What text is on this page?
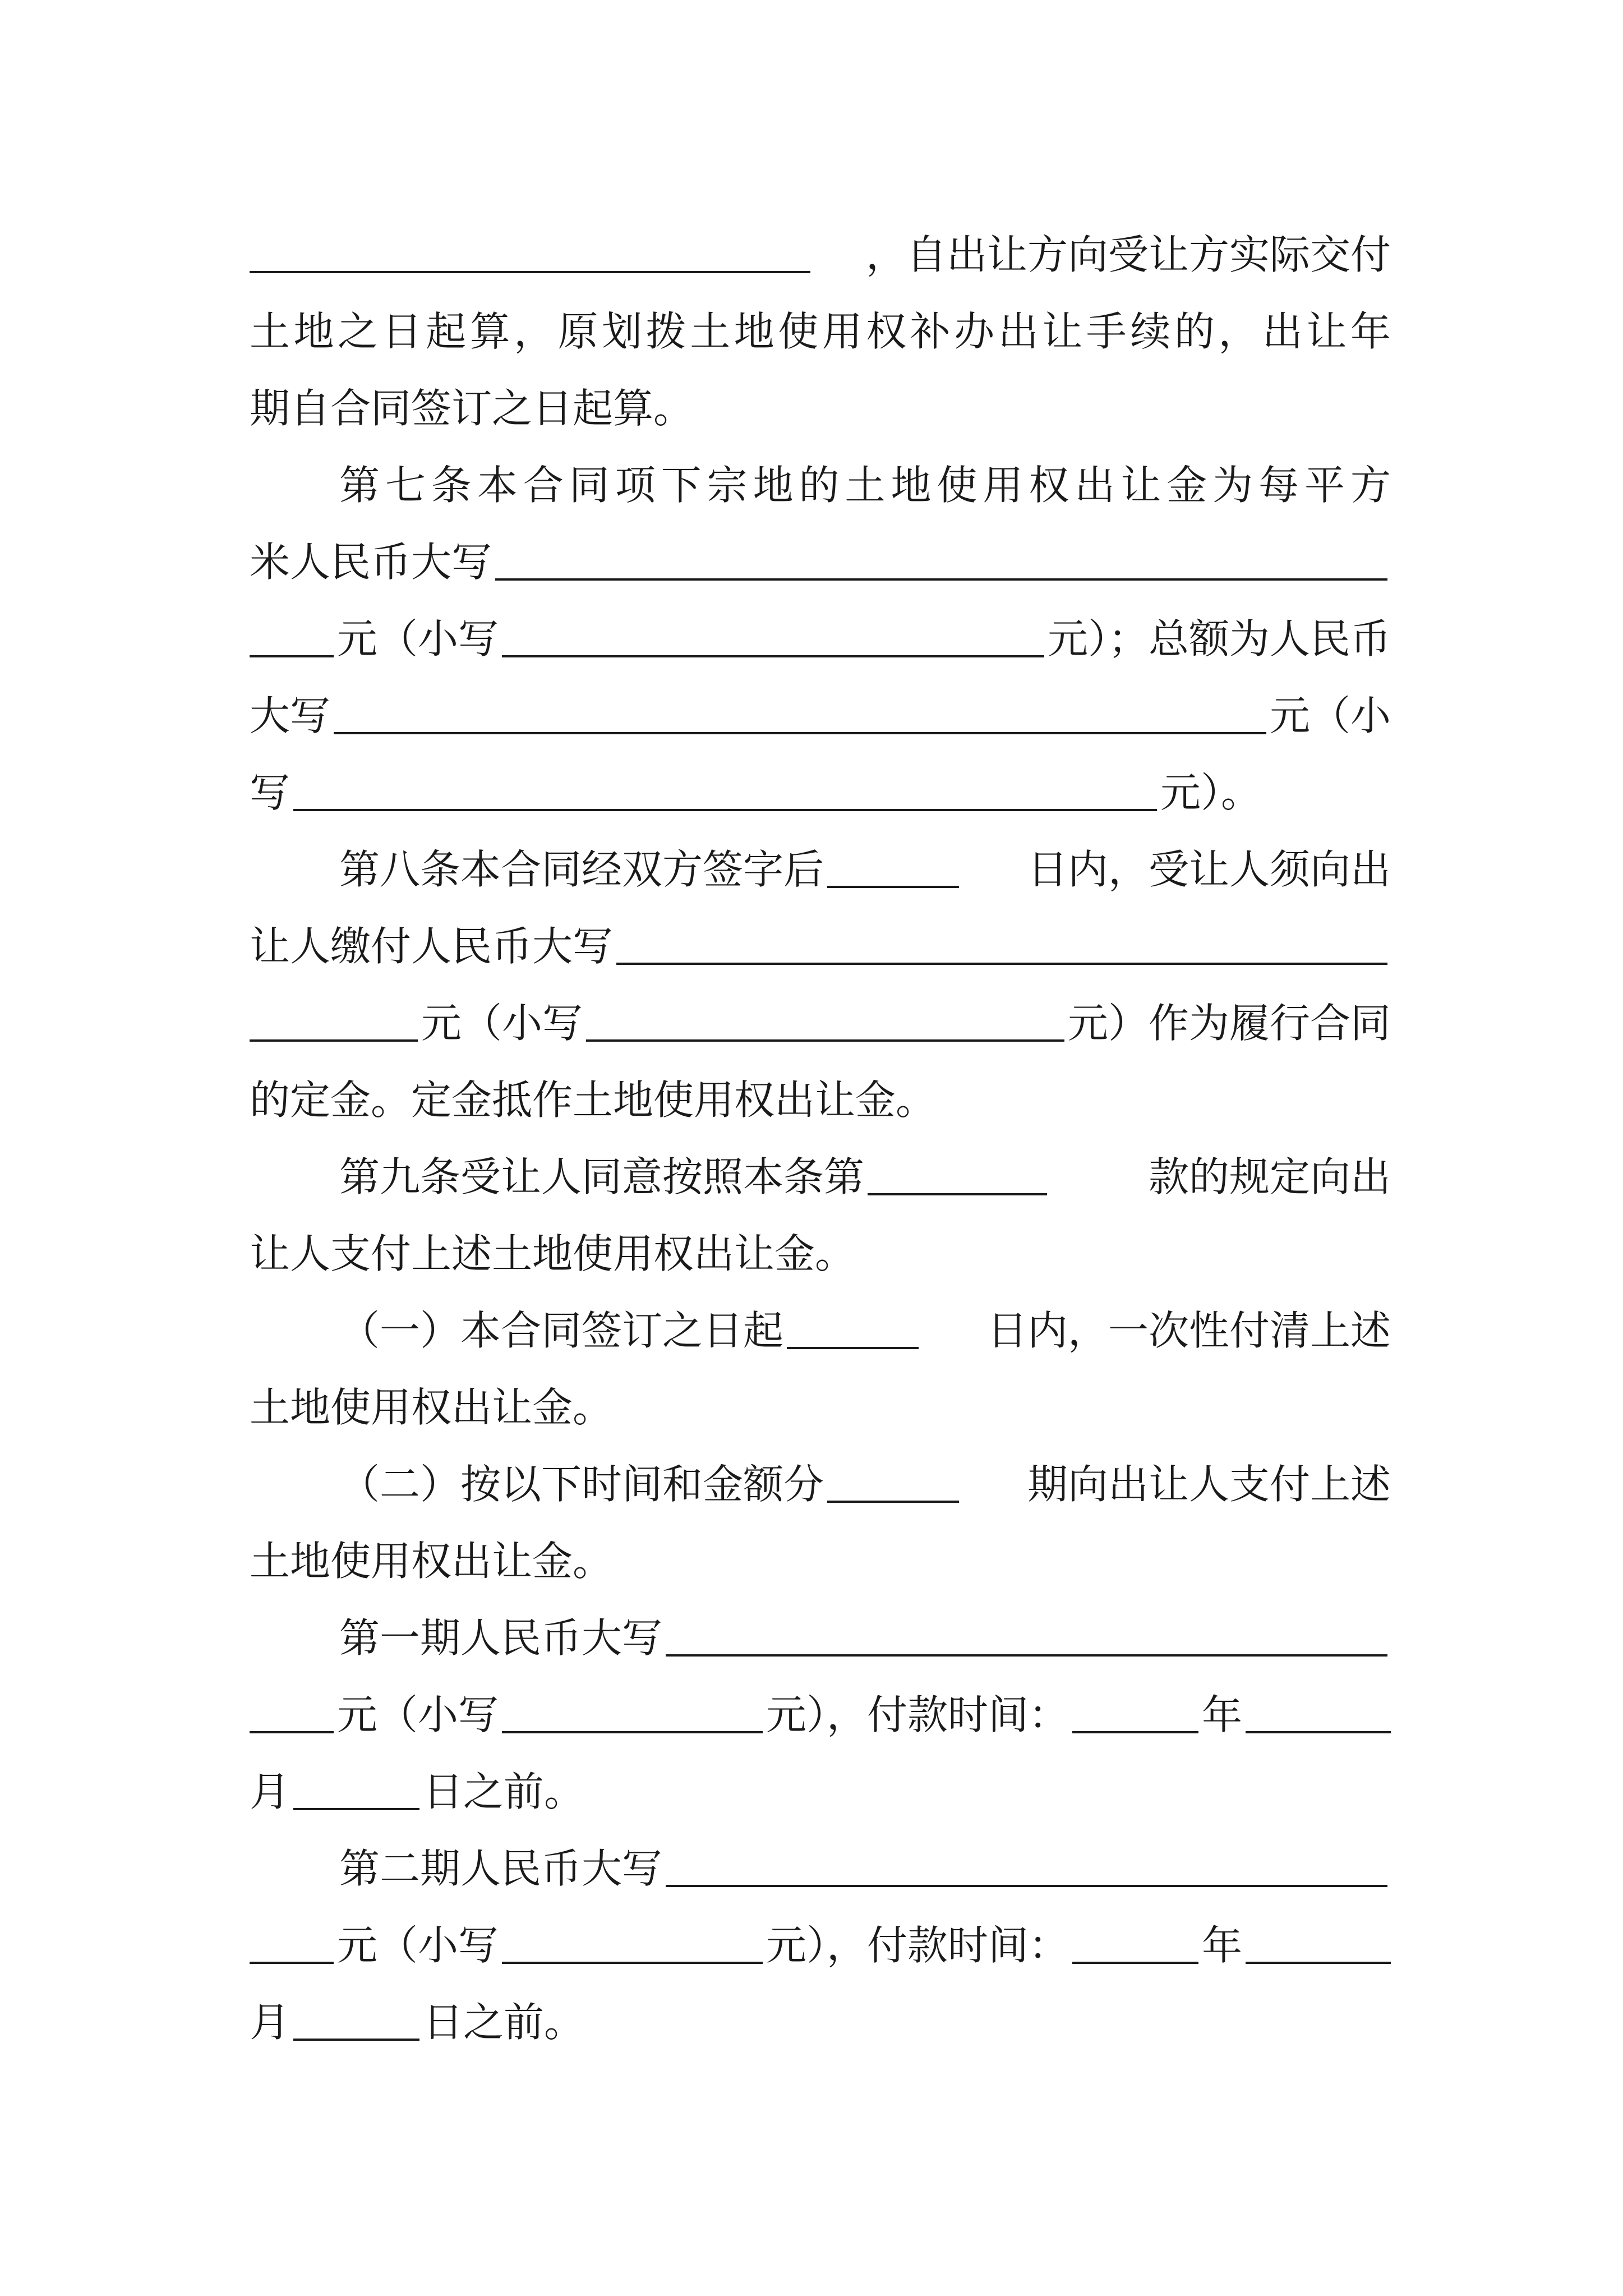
，自出让方向受让方实际交付
土 地 之 日 起 算 ， 原 划 拨 土 地 使 用 权 补 办 出 让 手 续 的 ， 出 让 年
期自合同签订之日起算。
第 七 条 本 合 同 项 下 宗 地 的 土 地 使 用 权 出 让 金 为 每 平 方
米人民币大写
元（小写	元）；总额为人民币
大写	元（小
写	元）。
第八条本合同经双方签字后	日内，受让人须向出
让人缴付人民币大写
元（小写	元）作为履行合同
的定金。定金抵作土地使用权出让金。
第九条受让人同意按照本条第	款的规定向出
让人支付上述土地使用权出让金。
（一）本合同签订之日起	日内，一次性付清上述
土地使用权出让金。
（二）按以下时间和金额分	期向出让人支付上述
土地使用权出让金。
第一期人民币大写
元（小写	元），付款时间：	年
月	日之前。
第二期人民币大写
元（小写	元），付款时间：	年
月	日之前。
